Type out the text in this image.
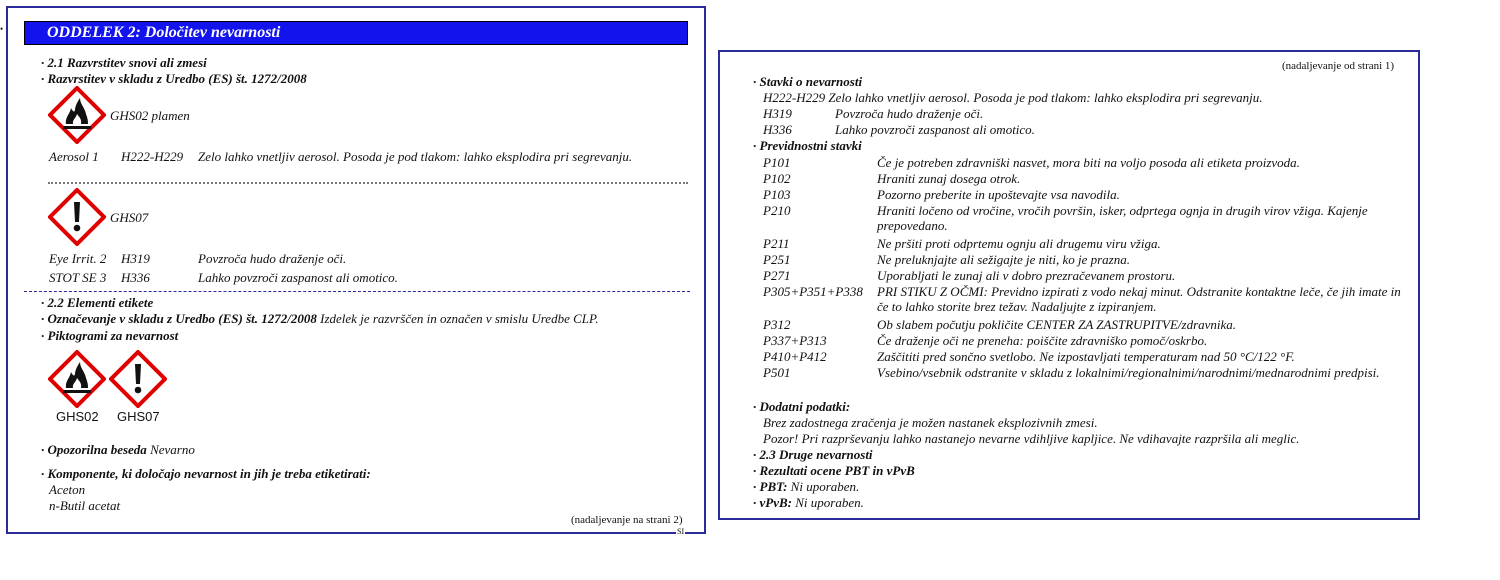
•	ODDELEK 2: Določitev nevarnosti
· 2.1 Razvrstitev snovi ali zmesi
· Razvrstitev v skladu z Uredbo (ES) št. 1272/2008
GHS02 plamen
Aerosol 1 H222-H229 Zelo lahko vnetljiv aerosol. Posoda je pod tlakom: lahko eksplodira pri segrevanju.
GHS07
Eye Irrit. 2 H319	Povzroča hudo draženje oči.
STOT SE 3 H336	Lahko povzroči zaspanost ali omotico.
· 2.2 Elementi etikete
· Označevanje v skladu z Uredbo (ES) št. 1272/2008 Izdelek je razvrščen in označen v smislu Uredbe CLP.
· Piktogrami za nevarnost
GHS02 GHS07
· Opozorilna beseda Nevarno
· Komponente, ki določajo nevarnost in jih je treba etiketirati:
Aceton
n-Butil acetat
(nadaljevanje na strani 2)
SI
(nadaljevanje od strani 1)
· Stavki o nevarnosti
H222-H229 Zelo lahko vnetljiv aerosol. Posoda je pod tlakom: lahko eksplodira pri segrevanju.
H319	Povzroča hudo draženje oči.
H336	Lahko povzroči zaspanost ali omotico.
· Previdnostni stavki
P101	Če je potreben zdravniški nasvet, mora biti na voljo posoda ali etiketa proizvoda.
P102	Hraniti zunaj dosega otrok.
P103	Pozorno preberite in upoštevajte vsa navodila.
P210	Hraniti ločeno od vročine, vročih površin, isker, odprtega ognja in drugih virov vžiga. Kajenje prepovedano.
P211	Ne pršiti proti odprtemu ognju ali drugemu viru vžiga.
P251	Ne preluknjajte ali sežigajte je niti, ko je prazna.
P271	Uporabljati le zunaj ali v dobro prezračevanem prostoru.
P305+P351+P338 PRI STIKU Z OČMI: Previdno izpirati z vodo nekaj minut. Odstranite kontaktne leče, če jih imate in če to lahko storite brez težav. Nadaljujte z izpiranjem.
P312	Ob slabem počutju pokličite CENTER ZA ZASTRUPITVE/zdravnika.
P337+P313	Če draženje oči ne preneha: poiščite zdravniško pomoč/oskrbo.
P410+P412	Zaščititi pred sončno svetlobo. Ne izpostavljati temperaturam nad 50 °C/122 °F.
P501	Vsebino/vsebnik odstranite v skladu z lokalnimi/regionalnimi/narodnimi/mednarodnimi predpisi.
· Dodatni podatki:
Brez zadostnega zračenja je možen nastanek eksplozivnih zmesi.
Pozor! Pri razprševanju lahko nastanejo nevarne vdihljive kapljice. Ne vdihavajte razpršila ali meglic.
· 2.3 Druge nevarnosti
· Rezultati ocene PBT in vPvB
· PBT: Ni uporaben.
· vPvB: Ni uporaben.
